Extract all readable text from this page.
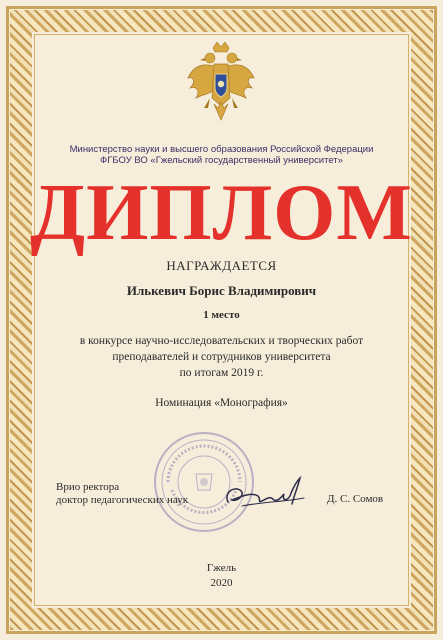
Министерство науки и высшего образования Российской Федерации
ФГБОУ ВО «Гжельский государственный университет»
ДИПЛОМ
НАГРАЖДАЕТСЯ
Илькевич Борис Владимирович
1 место
в конкурсе научно-исследовательских и творческих работ
преподавателей и сотрудников университета
по итогам 2019 г.
Номинация «Монография»
Врио ректора
доктор педагогических наук	Д. С. Сомов
Гжель
2020
